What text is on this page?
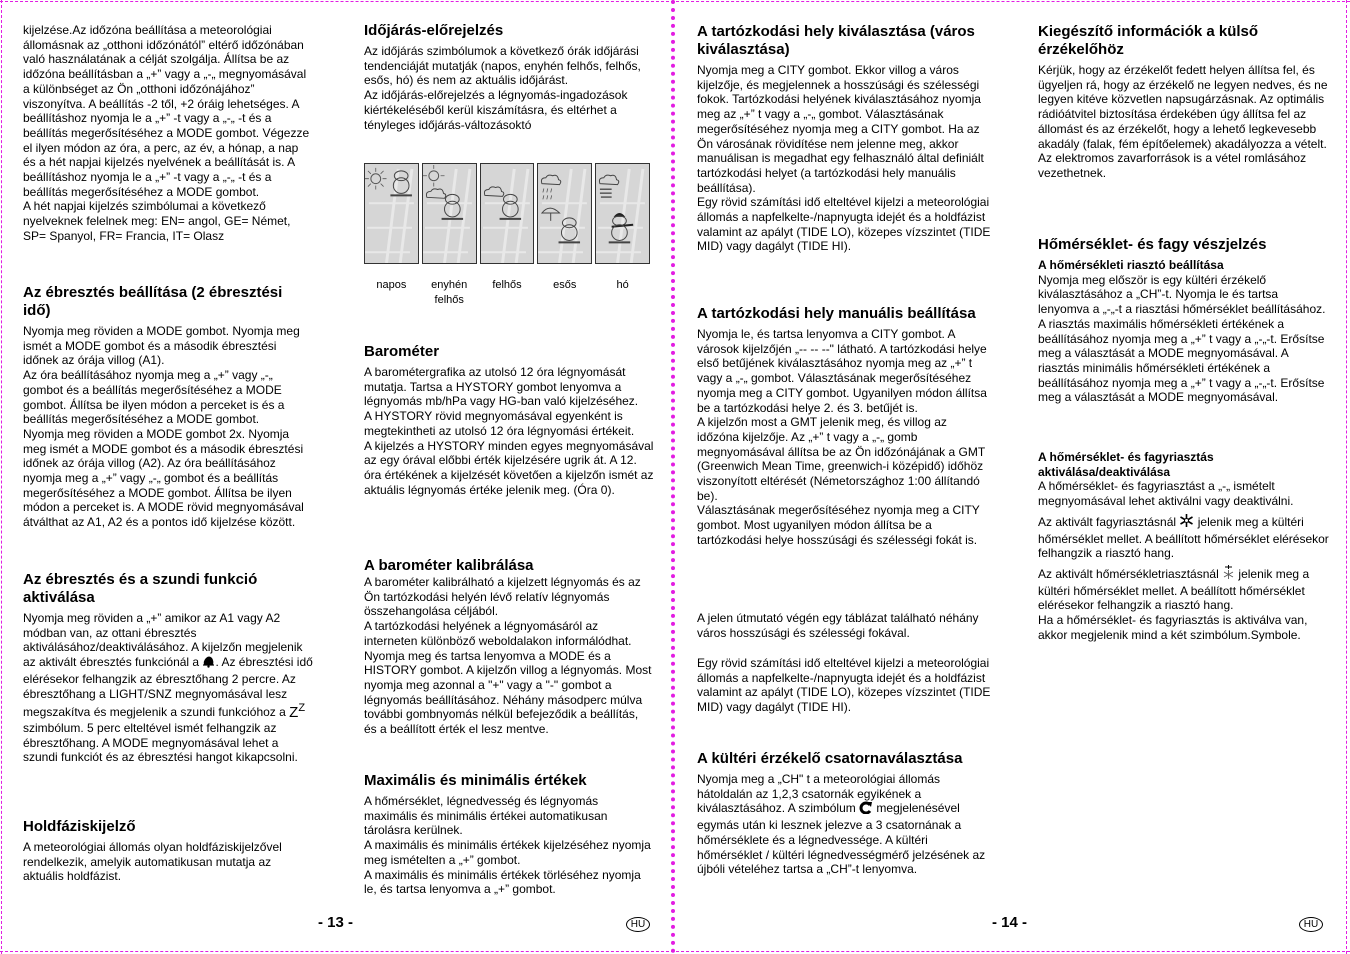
kijelzése.Az időzóna beállítása a meteorológiai állomásnak az „otthoni időzónától” eltérő időzónában való használatának a célját szolgálja. Állítsa be az időzóna beállításban a „+” vagy a „-„ megnyomásával a különbséget az Ön „otthoni időzónájához” viszonyítva. A beállítás -2 től, +2 óráig lehetséges. A beállításhoz nyomja le a „+” -t vagy a „-„ -t és a beállítás megerősítéséhez a MODE gombot. Végezze el ilyen módon az óra, a perc, az év, a hónap, a nap és a hét napjai kijelzés nyelvének a beállítását is. A beállításhoz nyomja le a „+” -t vagy a „-„ -t és a beállítás megerősítéséhez a MODE gombot.
A hét napjai kijelzés szimbólumai a következő nyelveknek felelnek meg: EN= angol, GE= Német, SP= Spanyol, FR= Francia, IT= Olasz

Az ébresztés beállítása (2 ébresztési idő)

Nyomja meg röviden a MODE gombot. Nyomja meg ismét a MODE gombot és a második ébresztési időnek az órája villog (A1).
Az óra beállításához nyomja meg a „+” vagy „-„ gombot és a beállítás megerősítéséhez a MODE gombot. Állítsa be ilyen módon a perceket is és a beállítás megerősítéséhez a MODE gombot.
Nyomja meg röviden a MODE gombot 2x. Nyomja meg ismét a MODE gombot és a második ébresztési időnek az órája villog (A2). Az óra beállításához nyomja meg a „+” vagy „-„ gombot és a beállítás megerősítéséhez a MODE gombot. Állítsa be ilyen módon a perceket is. A MODE rövid megnyomásával átválthat az A1, A2 és a pontos idő kijelzése között.

Az ébresztés és a szundi funkció aktiválása

Nyomja meg röviden a „+” amikor az A1 vagy A2 módban van, az ottani ébresztés aktiválásához/deaktiválásához. A kijelzőn megjelenik az aktivált ébresztés funkciónál a . Az ébresztési idő elérésekor felhangzik az ébresztőhang 2 percre. Az ébresztőhang a LIGHT/SNZ megnyomásával lesz megszakítva és megjelenik a szundi funkcióhoz a $Z^Z$ szimbólum. 5 perc elteltével ismét felhangzik az ébresztőhang. A MODE megnyomásával lehet a szundi funkciót és az ébresztési hangot kikapcsolni.

Holdfáziskijelző

A meteorológiai állomás olyan holdfáziskijelzővel rendelkezik, amelyik automatikusan mutatja az aktuális holdfázist.

Időjárás-előrejelzés

Az időjárás szimbólumok a következő órák időjárási tendenciáját mutatják (napos, enyhén felhős, felhős, esős, hó) és nem az aktuális időjárást.
Az időjárás-előrejelzés a légnyomás-ingadozások kiértékeléséből kerül kiszámításra, és eltérhet a tényleges időjárás-változásoktó

napos	enyhén felhős
felhős	esős	hó
Barométer

A barométergrafika az utolsó 12 óra légnyomását mutatja. Tartsa a HYSTORY gombot lenyomva a légnyomás mb/hPa vagy HG-ban való kijelzéséhez.
A HYSTORY rövid megnyomásával egyenként is megtekintheti az utolsó 12 óra légnyomási értékeit.
A kijelzés a HYSTORY minden egyes megnyomásával az egy órával előbbi érték kijelzésére ugrik át. A 12. óra értékének a kijelzését követően a kijelzőn ismét az aktuális légnyomás értéke jelenik meg. (Óra 0).

A barométer kalibrálása

A barométer kalibrálható a kijelzett légnyomás és az Ön tartózkodási helyén lévő relatív légnyomás összehangolása céljából.
A tartózkodási helyének a légnyomásáról az interneten különböző weboldalakon informálódhat. Nyomja meg és tartsa lenyomva a MODE és a HISTORY gombot. A kijelzőn villog a légnyomás. Most nyomja meg azonnal a "+" vagy a "-" gombot a légnyomás beállításához. Néhány másodperc múlva további gombnyomás nélkül befejeződik a beállítás, és a beállított érték el lesz mentve.

Maximális és minimális értékek

A hőmérséklet, légnedvesség és légnyomás maximális és minimális értékei automatikusan tárolásra kerülnek.
A maximális és minimális értékek kijelzéséhez nyomja meg ismételten a „+” gombot.
A maximális és minimális értékek törléséhez nyomja le, és tartsa lenyomva a „+” gombot.

A tartózkodási hely kiválasztása (város kiválasztása)

Nyomja meg a CITY gombot. Ekkor villog a város kijelzője, és megjelennek a hosszúsági és szélességi fokok. Tartózkodási helyének kiválasztásához nyomja meg az „+” t vagy a „-„ gombot. Választásának megerősítéséhez nyomja meg a CITY gombot. Ha az Ön városának rövidítése nem jelenne meg, akkor manuálisan is megadhat egy felhasználó által definiált tartózkodási helyet (a tartózkodási hely manuális beállítása).
Egy rövid számítási idő elteltével kijelzi a meteorológiai állomás a napfelkelte-/napnyugta idejét és a holdfázist valamint az apályt (TIDE LO), közepes vízszintet (TIDE MID) vagy dagályt (TIDE HI).

A tartózkodási hely manuális beállítása

Nyomja le, és tartsa lenyomva a CITY gombot. A városok kijelzőjén „-- -- --" látható. A tartózkodási helye első betűjének kiválasztásához nyomja meg az „+” t vagy a „-„ gombot. Választásának megerősítéséhez nyomja meg a CITY gombot. Ugyanilyen módon állítsa be a tartózkodási helye 2. és 3. betűjét is.
A kijelzőn most a GMT jelenik meg, és villog az időzóna kijelzője. Az „+” t vagy a „-„ gomb megnyomásával állítsa be az Ön időzónájának a GMT (Greenwich Mean Time, greenwich-i középidő) időhöz viszonyított eltérését (Németországhoz 1:00 állítandó be).
Választásának megerősítéséhez nyomja meg a CITY gombot. Most ugyanilyen módon állítsa be a tartózkodási helye hosszúsági és szélességi fokát is.

A jelen útmutató végén egy táblázat található néhány város hosszúsági és szélességi fokával.

Egy rövid számítási idő elteltével kijelzi a meteorológiai állomás a napfelkelte-/napnyugta idejét és a holdfázist valamint az apályt (TIDE LO), közepes vízszintet (TIDE MID) vagy dagályt (TIDE HI).

A kültéri érzékelő csatornaválasztása

Nyomja meg a „CH" t a meteorológiai állomás hátoldalán az 1,2,3 csatornák egyikének a kiválasztásához. A szimbólum  megjelenésével egymás után ki lesznek jelezve a 3 csatornának a hőmérséklete és a légnedvessége. A kültéri hőmérséklet / kültéri légnedvességmérő jelzésének az újbóli vételéhez tartsa a „CH”-t lenyomva.

Kiegészítő információk a külső érzékelőhöz

Kérjük, hogy az érzékelőt fedett helyen állítsa fel, és ügyeljen rá, hogy az érzékelő ne legyen nedves, és ne legyen kitéve közvetlen napsugárzásnak. Az optimális rádióátvitel biztosítása érdekében úgy állítsa fel az állomást és az érzékelőt, hogy a lehető legkevesebb akadály (falak, fém építőelemek) akadályozza a vételt.
Az elektromos zavarforrások is a vétel romlásához vezethetnek.

Hőmérséklet- és fagy vészjelzés
A hőmérsékleti riasztó beállítása

Nyomja meg először is egy kültéri érzékelő kiválasztásához a „CH”-t. Nyomja le és tartsa lenyomva a „-„-t a riasztási hőmérséklet beállításához.
A riasztás maximális hőmérsékleti értékének a beállításához nyomja meg a „+” t vagy a „-„-t. Erősítse meg a választását a MODE megnyomásával. A riasztás minimális hőmérsékleti értékének a beállításához nyomja meg a „+” t vagy a „-„-t. Erősítse meg a választását a MODE megnyomásával.

A hőmérséklet- és fagyriasztás aktiválása/deaktiválása

A hőmérséklet- és fagyriasztást a „-„ ismételt megnyomásával lehet aktiválni vagy deaktiválni.

Az aktivált fagyriasztásnál  jelenik meg a kültéri hőmérséklet mellet. A beállított hőmérséklet elérésekor felhangzik a riasztó hang.

Az aktivált hőmérsékletriasztásnál  jelenik meg a kültéri hőmérséklet mellet. A beállított hőmérséklet elérésekor felhangzik a riasztó hang.
Ha a hőmérséklet- és fagyriasztás is aktiválva van, akkor megjelenik mind a két szimbólum.Symbole.

- 13 -	HU	- 14 -	HU
